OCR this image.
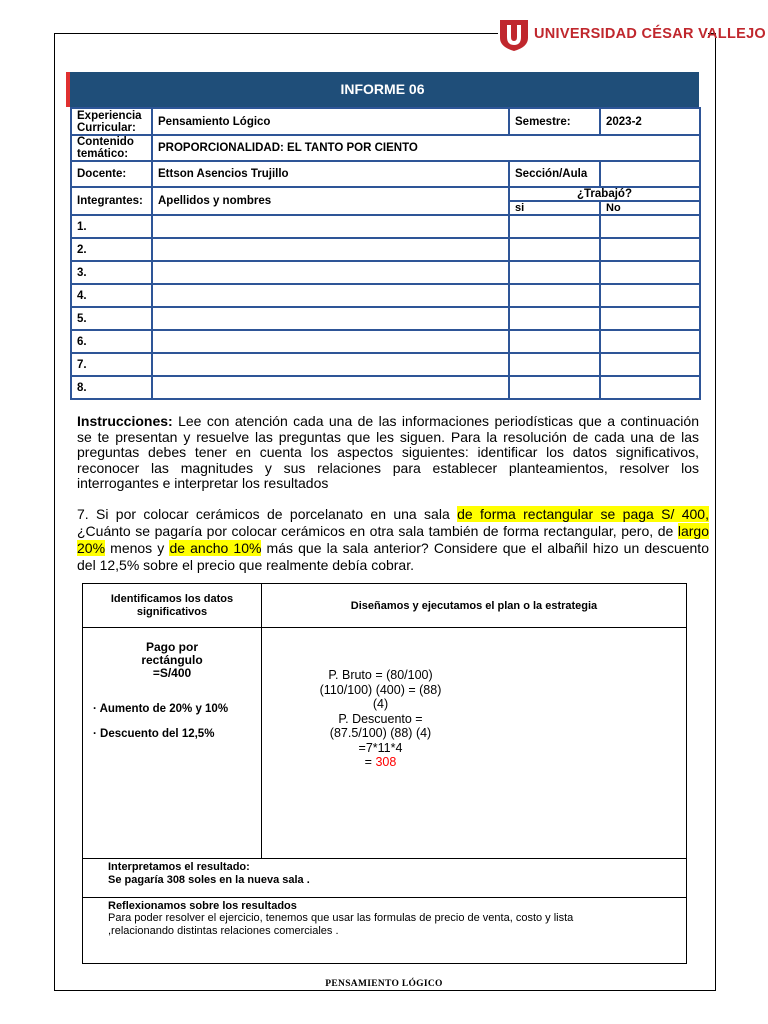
UNIVERSIDAD CÉSAR VALLEJO
INFORME 06
Experiencia Curricular:	Pensamiento Lógico	Semestre:	2023-2
Contenido temático:	PROPORCIONALIDAD: EL TANTO POR CIENTO		
Docente:	Ettson Asencios Trujillo	Sección/Aula	
Integrantes:	Apellidos y nombres	¿Trabajó?	
		si	No
1.			
2.			
3.			
4.			
5.			
6.			
7.			
8.			
Instrucciones: Lee con atención cada una de las informaciones periodísticas que a continuación se te presentan y resuelve las preguntas que les siguen. Para la resolución de cada una de las preguntas debes tener en cuenta los aspectos siguientes: identificar los datos significativos, reconocer las magnitudes y sus relaciones para establecer planteamientos, resolver los interrogantes e interpretar los resultados
7. Si por colocar cerámicos de porcelanato en una sala de forma rectangular se paga S/ 400, ¿Cuánto se pagaría por colocar cerámicos en otra sala también de forma rectangular, pero, de largo 20% menos y de ancho 10% más que la sala anterior? Considere que el albañil hizo un descuento del 12,5% sobre el precio que realmente debía cobrar.
Identificamos los datos significativos	Diseñamos y ejecutamos el plan o la estrategia
Pago por rectángulo =S/400
· Aumento de 20% y 10%
· Descuento del 12,5%
P. Bruto = (80/100)
(110/100) (400) = (88)
(4)
P. Descuento =
(87.5/100) (88) (4)
=7*11*4
= 308
Interpretamos el resultado:
Se pagaría 308 soles en la nueva sala .
Reflexionamos sobre los resultados
Para poder resolver el ejercicio, tenemos que usar las formulas de precio de venta, costo y lista ,relacionando distintas relaciones comerciales .
PENSAMIENTO LÓGICO
